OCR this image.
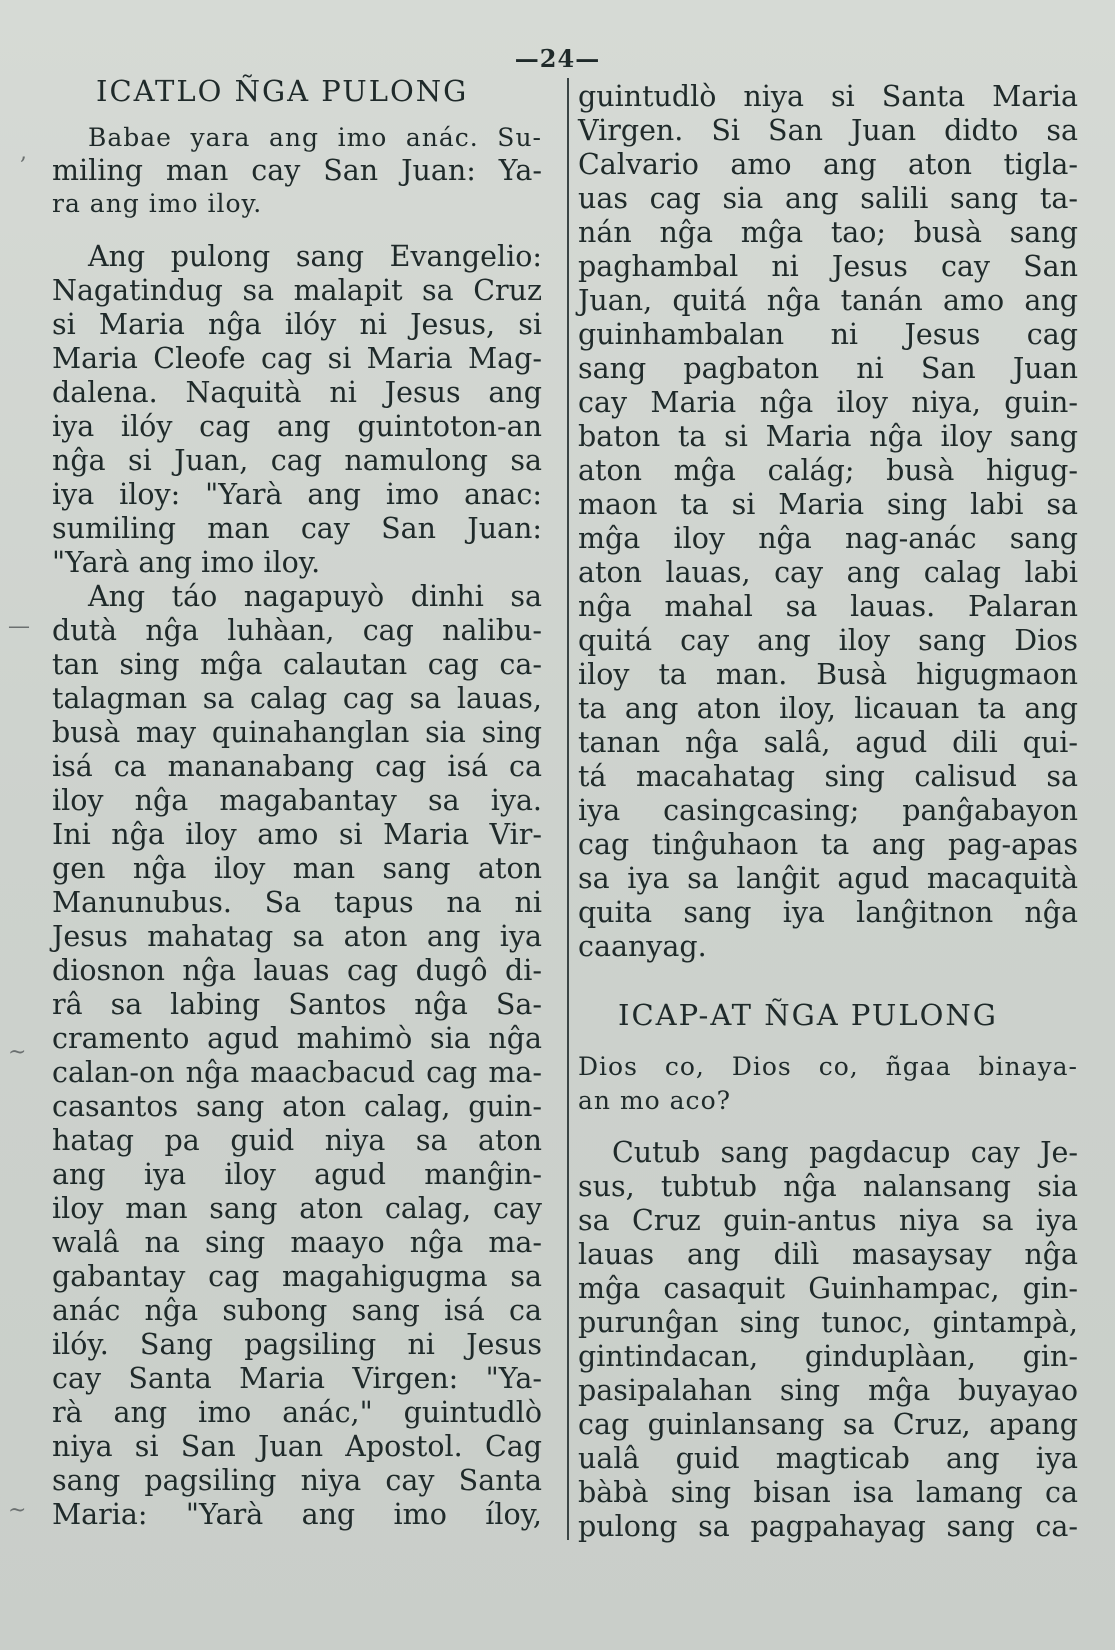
—24—
ICATLO ÑGA PULONG
Babae yara ang imo anác. Su-
miling man cay San Juan: Ya-
ra ang imo iloy.
Ang pulong sang Evangelio:
Nagatindug sa malapit sa Cruz
si Maria nĝa ilóy ni Jesus, si
Maria Cleofe cag si Maria Mag-
dalena. Naquità ni Jesus ang
iya ilóy cag ang guintoton-an
nĝa si Juan, cag namulong sa
iya iloy: "Yarà ang imo anac:
sumiling man cay San Juan:
"Yarà ang imo iloy.
Ang táo nagapuyò dinhi sa
dutà nĝa luhàan, cag nalibu-
tan sing mĝa calautan cag ca-
talagman sa calag cag sa lauas,
busà may quinahanglan sia sing
isá ca mananabang cag isá ca
iloy nĝa magabantay sa iya.
Ini nĝa iloy amo si Maria Vir-
gen nĝa iloy man sang aton
Manunubus. Sa tapus na ni
Jesus mahatag sa aton ang iya
diosnon nĝa lauas cag dugô di-
râ sa labing Santos nĝa Sa-
cramento agud mahimò sia nĝa
calan-on nĝa maacbacud cag ma-
casantos sang aton calag, guin-
hatag pa guid niya sa aton
ang iya iloy agud manĝin-
iloy man sang aton calag, cay
walâ na sing maayo nĝa ma-
gabantay cag magahigugma sa
anác nĝa subong sang isá ca
ilóy. Sang pagsiling ni Jesus
cay Santa Maria Virgen: "Ya-
rà ang imo anác," guintudlò
niya si San Juan Apostol. Cag
sang pagsiling niya cay Santa
Maria: "Yarà ang imo íloy,
guintudlò niya si Santa Maria
Virgen. Si San Juan didto sa
Calvario amo ang aton tigla-
uas cag sia ang salili sang ta-
nán nĝa mĝa tao; busà sang
paghambal ni Jesus cay San
Juan, quitá nĝa tanán amo ang
guinhambalan ni Jesus cag
sang pagbaton ni San Juan
cay Maria nĝa iloy niya, guin-
baton ta si Maria nĝa iloy sang
aton mĝa calág; busà higug-
maon ta si Maria sing labi sa
mĝa iloy nĝa nag-anác sang
aton lauas, cay ang calag labi
nĝa mahal sa lauas. Palaran
quitá cay ang iloy sang Dios
iloy ta man. Busà higugmaon
ta ang aton iloy, licauan ta ang
tanan nĝa salâ, agud dili qui-
tá macahatag sing calisud sa
iya casingcasing; panĝabayon
cag tinĝuhaon ta ang pag-apas
sa iya sa lanĝit agud macaquità
quita sang iya lanĝitnon nĝa
caanyag.
ICAP-AT ÑGA PULONG
Dios co, Dios co, ñgaa binaya-
an mo aco?
Cutub sang pagdacup cay Je-
sus, tubtub nĝa nalansang sia
sa Cruz guin-antus niya sa iya
lauas ang dilì masaysay nĝa
mĝa casaquit Guinhampac, gin-
purunĝan sing tunoc, gintampà,
gintindacan, ginduplàan, gin-
pasipalahan sing mĝa buyayao
cag guinlansang sa Cruz, apang
ualâ guid magticab ang iya
bàbà sing bisan isa lamang ca
pulong sa pagpahayag sang ca-
,
—
~
~
